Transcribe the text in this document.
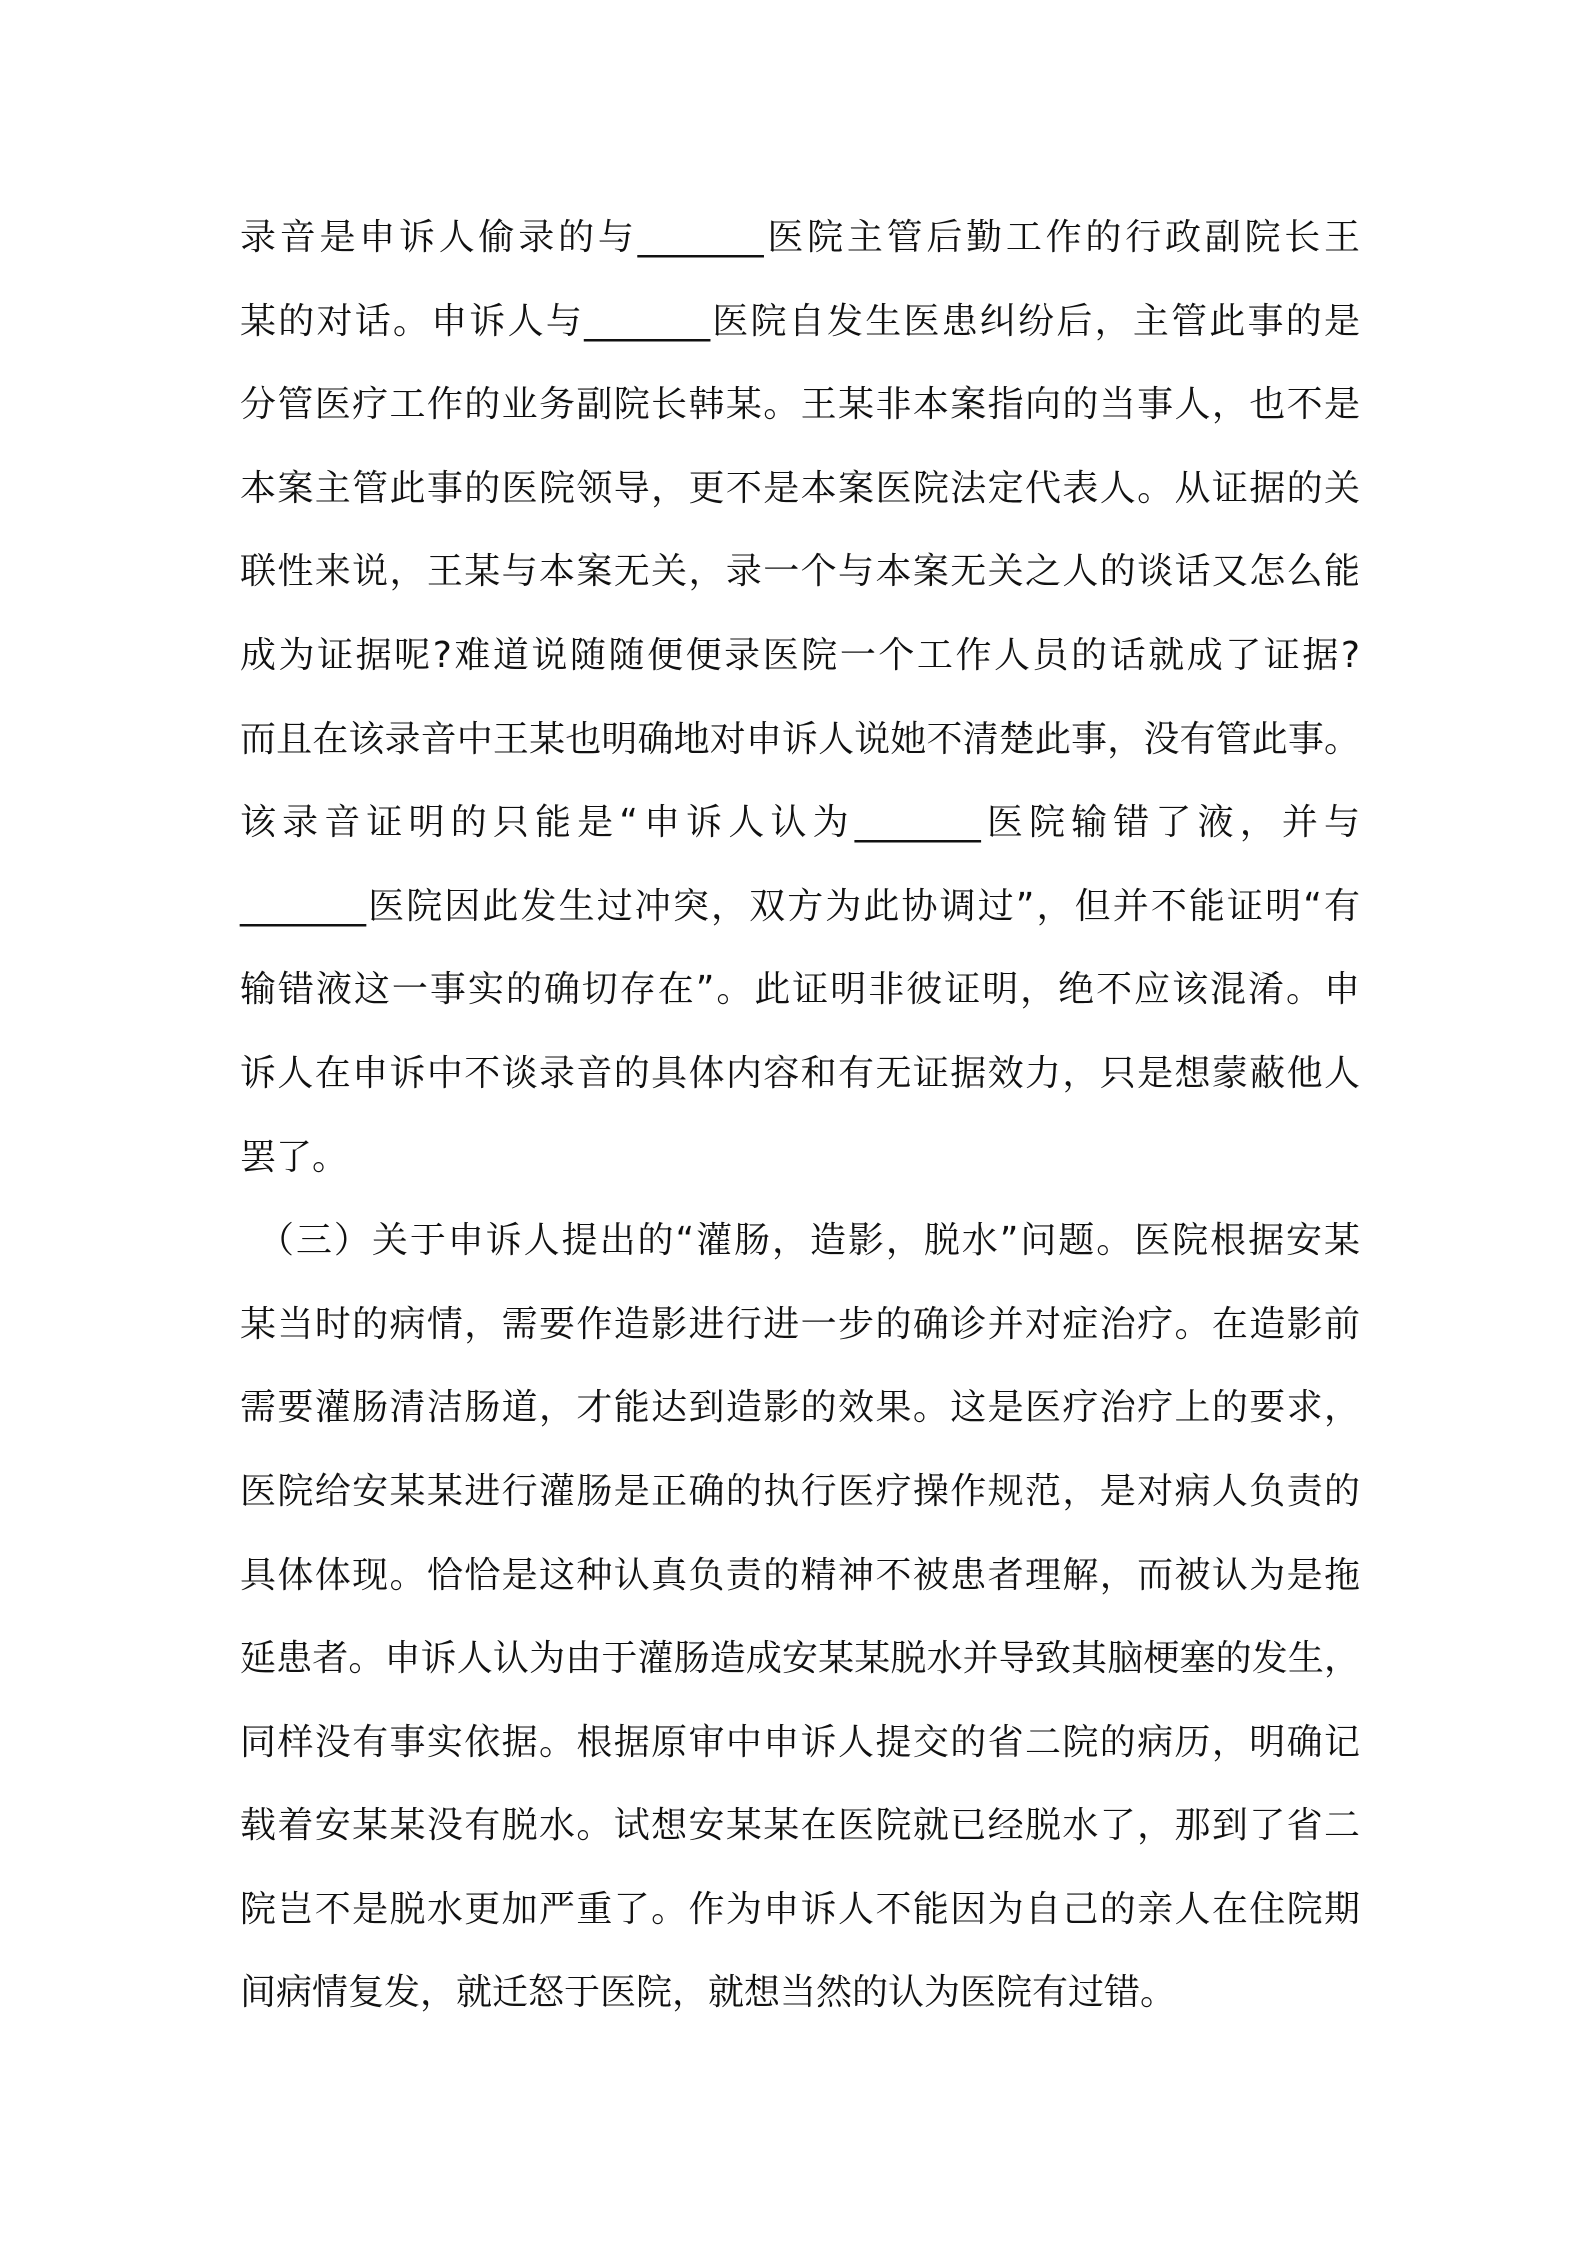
录音是申诉人偷录的与_______医院主管后勤工作的行政副院长王
某的对话。申诉人与_______医院自发生医患纠纷后，主管此事的是
分管医疗工作的业务副院长韩某。王某非本案指向的当事人，也不是
本案主管此事的医院领导，更不是本案医院法定代表人。从证据的关
联性来说，王某与本案无关，录一个与本案无关之人的谈话又怎么能
成为证据呢?难道说随随便便录医院一个工作人员的话就成了证据?
而且在该录音中王某也明确地对申诉人说她不清楚此事，没有管此事。
该录音证明的只能是“申诉人认为_______医院输错了液，并与
_______医院因此发生过冲突，双方为此协调过”，但并不能证明“有
输错液这一事实的确切存在”。此证明非彼证明，绝不应该混淆。申
诉人在申诉中不谈录音的具体内容和有无证据效力，只是想蒙蔽他人
罢了。
（三）关于申诉人提出的“灌肠，造影，脱水”问题。医院根据安某
某当时的病情，需要作造影进行进一步的确诊并对症治疗。在造影前
需要灌肠清洁肠道，才能达到造影的效果。这是医疗治疗上的要求，
医院给安某某进行灌肠是正确的执行医疗操作规范，是对病人负责的
具体体现。恰恰是这种认真负责的精神不被患者理解，而被认为是拖
延患者。申诉人认为由于灌肠造成安某某脱水并导致其脑梗塞的发生，
同样没有事实依据。根据原审中申诉人提交的省二院的病历，明确记
载着安某某没有脱水。试想安某某在医院就已经脱水了，那到了省二
院岂不是脱水更加严重了。作为申诉人不能因为自己的亲人在住院期
间病情复发，就迁怒于医院，就想当然的认为医院有过错。
